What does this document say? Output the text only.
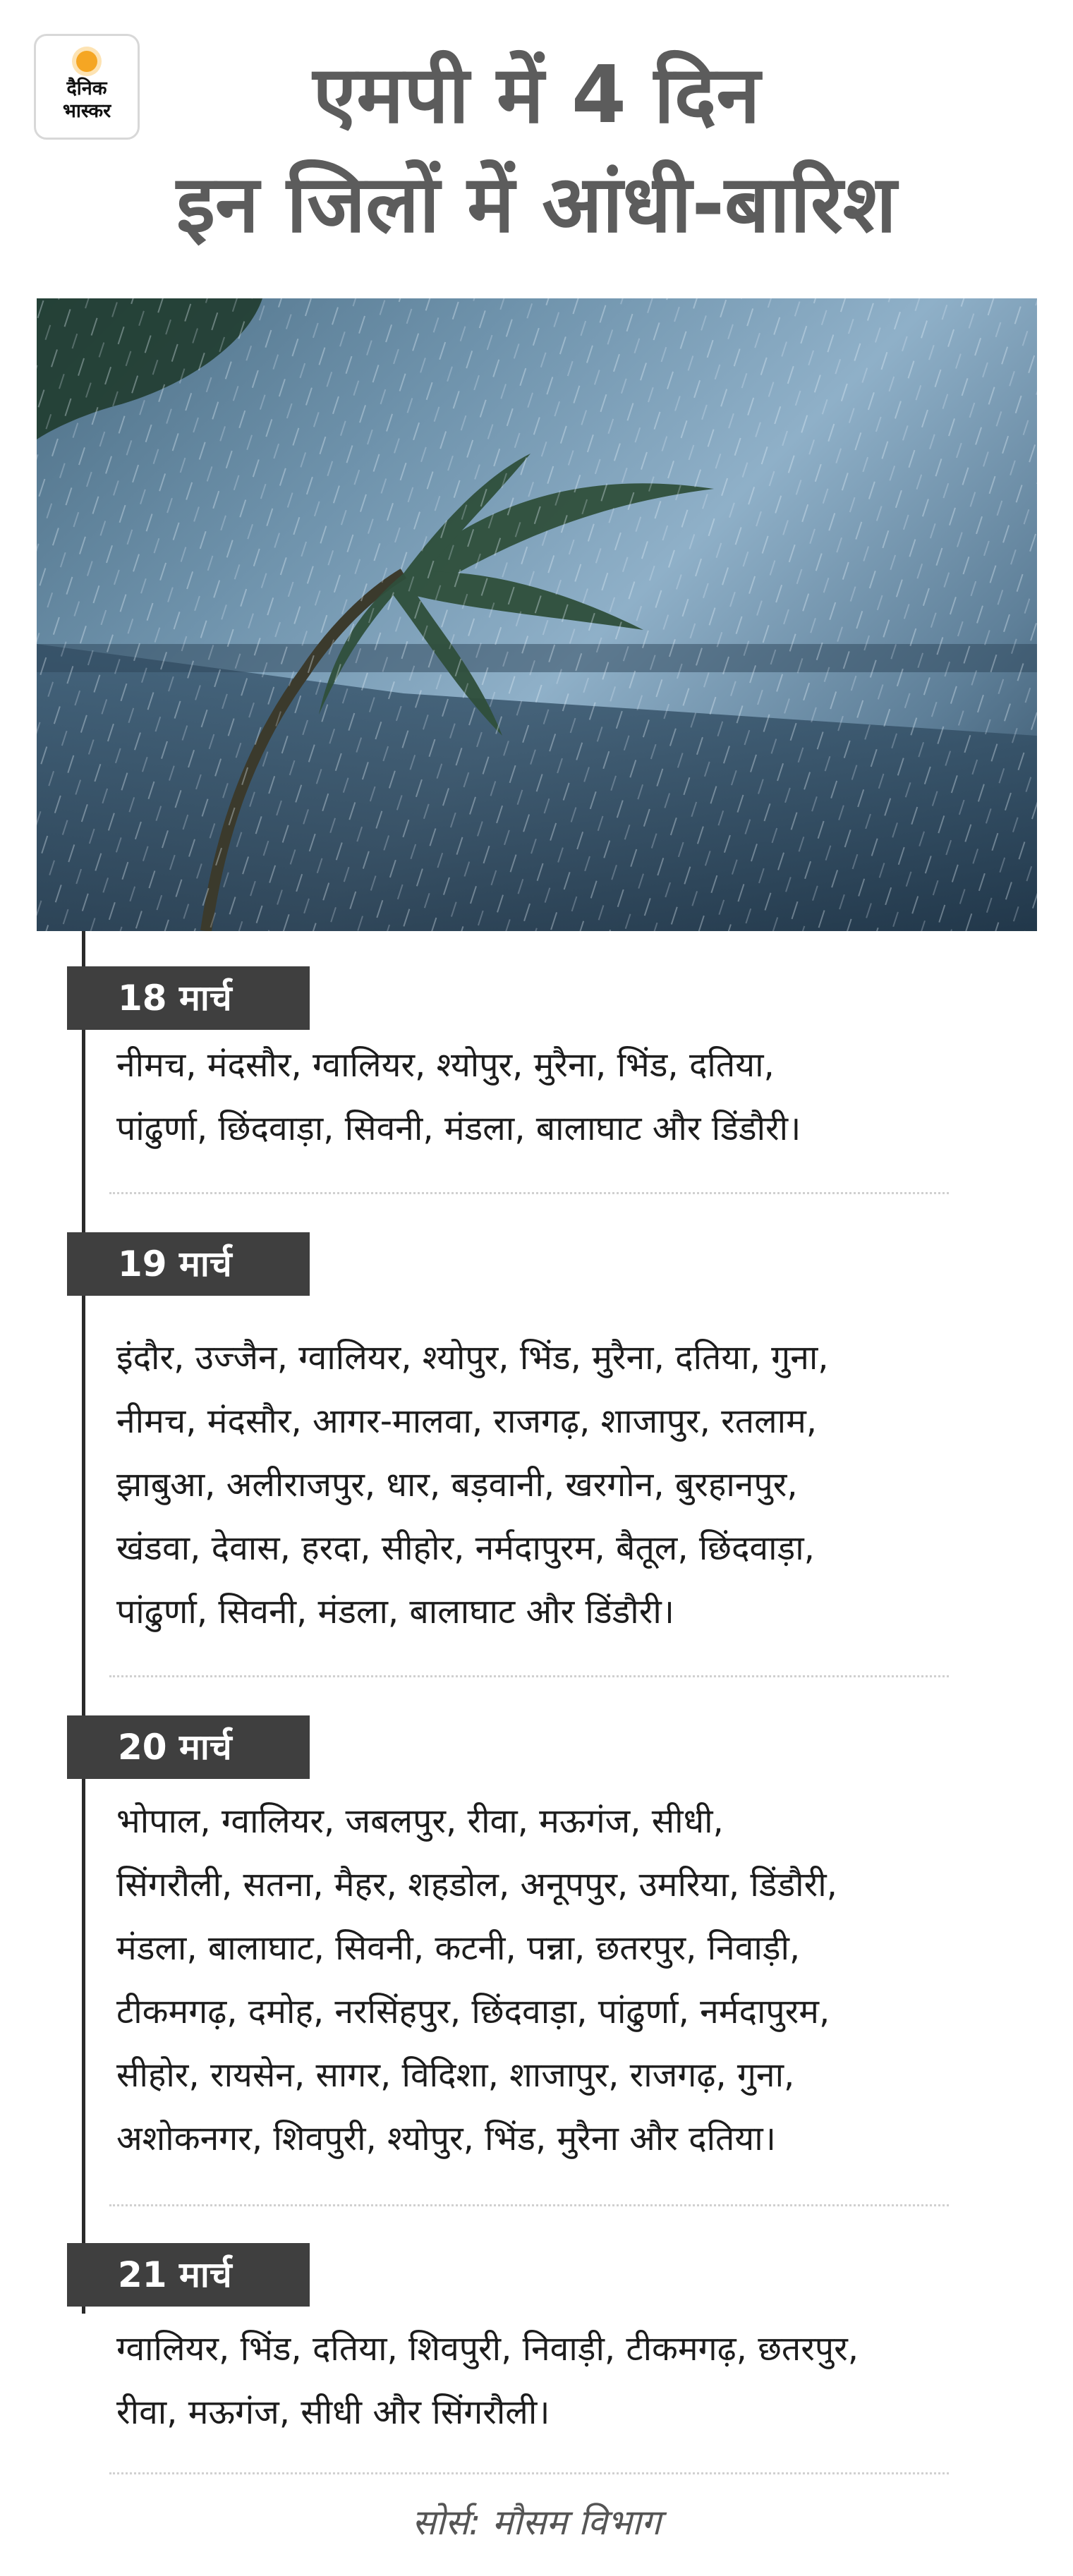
दैनिक
भास्कर	एमपी में 4 दिन
इन जिलों में आंधी-बारिश
18 मार्च
नीमच, मंदसौर, ग्वालियर, श्योपुर, मुरैना, भिंड, दतिया,
पांढुर्णा, छिंदवाड़ा, सिवनी, मंडला, बालाघाट और डिंडौरी।
19 मार्च
इंदौर, उज्जैन, ग्वालियर, श्योपुर, भिंड, मुरैना, दतिया, गुना,
नीमच, मंदसौर, आगर-मालवा, राजगढ़, शाजापुर, रतलाम,
झाबुआ, अलीराजपुर, धार, बड़वानी, खरगोन, बुरहानपुर,
खंडवा, देवास, हरदा, सीहोर, नर्मदापुरम, बैतूल, छिंदवाड़ा,
पांढुर्णा, सिवनी, मंडला, बालाघाट और डिंडौरी।
20 मार्च
भोपाल, ग्वालियर, जबलपुर, रीवा, मऊगंज, सीधी,
सिंगरौली, सतना, मैहर, शहडोल, अनूपपुर, उमरिया, डिंडौरी,
मंडला, बालाघाट, सिवनी, कटनी, पन्ना, छतरपुर, निवाड़ी,
टीकमगढ़, दमोह, नरसिंहपुर, छिंदवाड़ा, पांढुर्णा, नर्मदापुरम,
सीहोर, रायसेन, सागर, विदिशा, शाजापुर, राजगढ़, गुना,
अशोकनगर, शिवपुरी, श्योपुर, भिंड, मुरैना और दतिया।
21 मार्च
ग्वालियर, भिंड, दतिया, शिवपुरी, निवाड़ी, टीकमगढ़, छतरपुर,
रीवा, मऊगंज, सीधी और सिंगरौली।
सोर्स: मौसम विभाग
